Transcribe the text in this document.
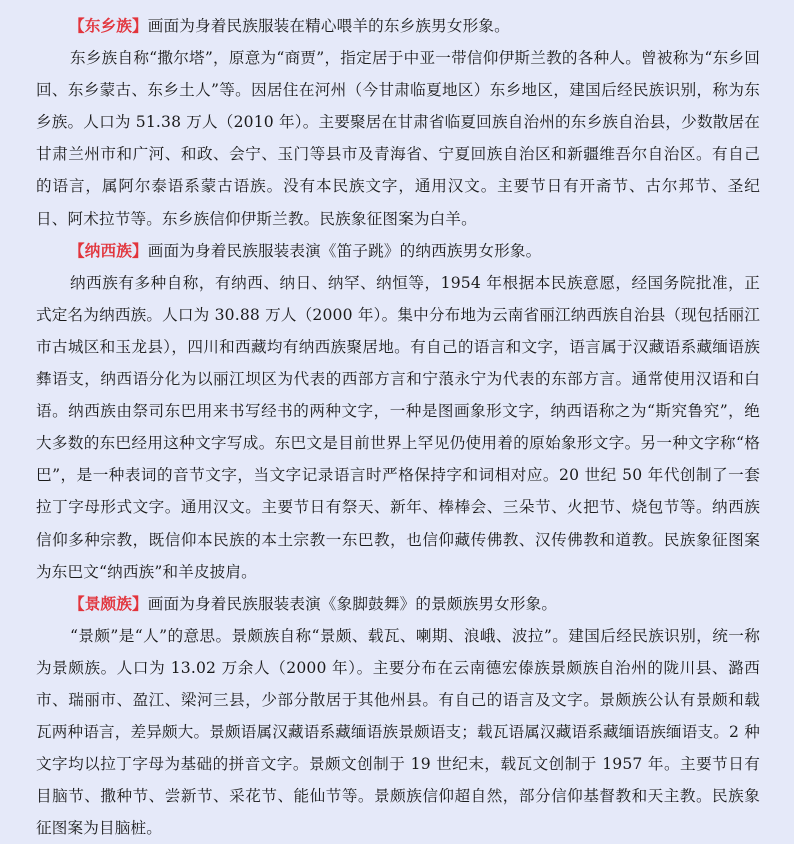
【东乡族】画面为身着民族服装在精心喂羊的东乡族男女形象。

东乡族自称“撒尔塔”，原意为“商贾”，指定居于中亚一带信仰伊斯兰教的各种人。曾被称为“东乡回回、东乡蒙古、东乡土人”等。因居住在河州（今甘肃临夏地区）东乡地区，建国后经民族识别，称为东乡族。人口为 51.38 万人（2010 年）。主要聚居在甘肃省临夏回族自治州的东乡族自治县，少数散居在甘肃兰州市和广河、和政、会宁、玉门等县市及青海省、宁夏回族自治区和新疆维吾尔自治区。有自己的语言，属阿尔泰语系蒙古语族。没有本民族文字，通用汉文。主要节日有开斋节、古尔邦节、圣纪日、阿术拉节等。东乡族信仰伊斯兰教。民族象征图案为白羊。

【纳西族】画面为身着民族服装表演《笛子跳》的纳西族男女形象。

纳西族有多种自称，有纳西、纳日、纳罕、纳恒等，1954 年根据本民族意愿，经国务院批准，正式定名为纳西族。人口为 30.88 万人（2000 年）。集中分布地为云南省丽江纳西族自治县（现包括丽江市古城区和玉龙县），四川和西藏均有纳西族聚居地。有自己的语言和文字，语言属于汉藏语系藏缅语族彝语支，纳西语分化为以丽江坝区为代表的西部方言和宁蒗永宁为代表的东部方言。通常使用汉语和白语。纳西族由祭司东巴用来书写经书的两种文字，一种是图画象形文字，纳西语称之为“斯究鲁究”，绝大多数的东巴经用这种文字写成。东巴文是目前世界上罕见仍使用着的原始象形文字。另一种文字称“格巴”，是一种表词的音节文字，当文字记录语言时严格保持字和词相对应。20 世纪 50 年代创制了一套拉丁字母形式文字。通用汉文。主要节日有祭天、新年、棒棒会、三朵节、火把节、烧包节等。纳西族信仰多种宗教，既信仰本民族的本土宗教一东巴教，也信仰藏传佛教、汉传佛教和道教。民族象征图案为东巴文“纳西族”和羊皮披肩。

【景颇族】画面为身着民族服装表演《象脚鼓舞》的景颇族男女形象。

“景颇”是“人”的意思。景颇族自称“景颇、载瓦、喇期、浪峨、波拉”。建国后经民族识别，统一称为景颇族。人口为 13.02 万余人（2000 年）。主要分布在云南德宏傣族景颇族自治州的陇川县、潞西市、瑞丽市、盈江、梁河三县，少部分散居于其他州县。有自己的语言及文字。景颇族公认有景颇和载瓦两种语言，差异颇大。景颇语属汉藏语系藏缅语族景颇语支；载瓦语属汉藏语系藏缅语族缅语支。2 种文字均以拉丁字母为基础的拼音文字。景颇文创制于 19 世纪末，载瓦文创制于 1957 年。主要节日有目脑节、撒种节、尝新节、采花节、能仙节等。景颇族信仰超自然，部分信仰基督教和天主教。民族象征图案为目脑桩。
